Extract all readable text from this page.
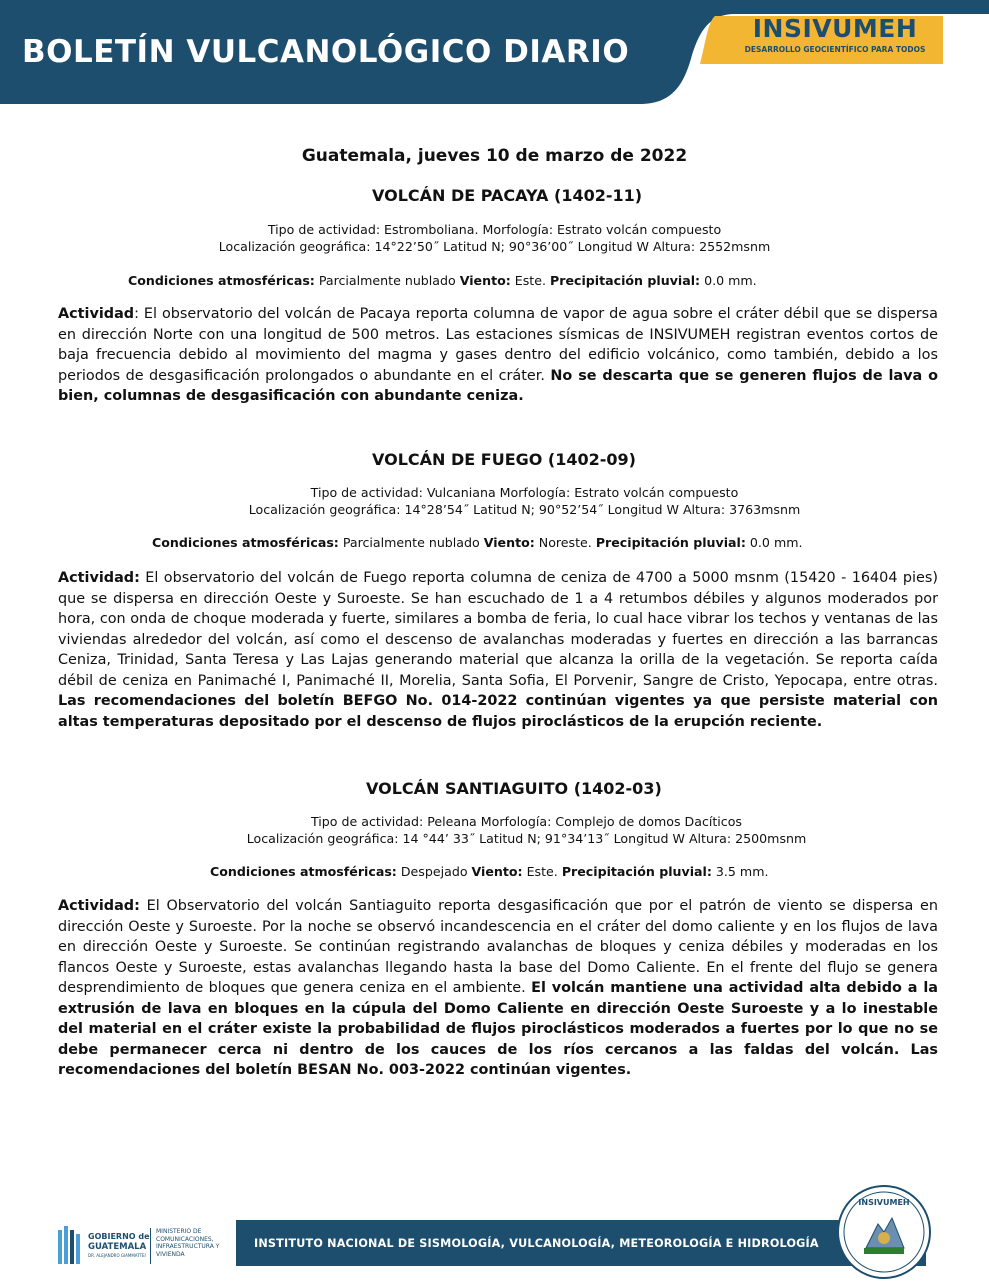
BOLETÍN VULCANOLÓGICO DIARIO
INSIVUMEH
DESARROLLO GEOCIENTÍFICO PARA TODOS
Guatemala, jueves 10 de marzo de 2022
VOLCÁN DE PACAYA (1402-11)
Tipo de actividad: Estromboliana. Morfología: Estrato volcán compuesto
Localización geográfica: 14°22’50˝ Latitud N; 90°36’00˝ Longitud W Altura: 2552msnm
Condiciones atmosféricas: Parcialmente nublado Viento: Este. Precipitación pluvial: 0.0 mm.
Actividad: El observatorio del volcán de Pacaya reporta columna de vapor de agua sobre el cráter débil que se dispersa en dirección Norte con una longitud de 500 metros. Las estaciones sísmicas de INSIVUMEH registran eventos cortos de baja frecuencia debido al movimiento del magma y gases dentro del edificio volcánico, como también, debido a los periodos de desgasificación prolongados o abundante en el cráter. No se descarta que se generen flujos de lava o bien, columnas de desgasificación con abundante ceniza.
VOLCÁN DE FUEGO (1402-09)
Tipo de actividad: Vulcaniana Morfología: Estrato volcán compuesto
Localización geográfica: 14°28’54˝ Latitud N; 90°52’54˝ Longitud W Altura: 3763msnm
Condiciones atmosféricas: Parcialmente nublado Viento: Noreste. Precipitación pluvial: 0.0 mm.
Actividad: El observatorio del volcán de Fuego reporta columna de ceniza de 4700 a 5000 msnm (15420 - 16404 pies) que se dispersa en dirección Oeste y Suroeste. Se han escuchado de 1 a 4 retumbos débiles y algunos moderados por hora, con onda de choque moderada y fuerte, similares a bomba de feria, lo cual hace vibrar los techos y ventanas de las viviendas alrededor del volcán, así como el descenso de avalanchas moderadas y fuertes en dirección a las barrancas Ceniza, Trinidad, Santa Teresa y Las Lajas generando material que alcanza la orilla de la vegetación. Se reporta caída débil de ceniza en Panimaché I, Panimaché II, Morelia, Santa Sofia, El Porvenir, Sangre de Cristo, Yepocapa, entre otras. Las recomendaciones del boletín BEFGO No. 014-2022 continúan vigentes ya que persiste material con altas temperaturas depositado por el descenso de flujos piroclásticos de la erupción reciente.
VOLCÁN SANTIAGUITO (1402-03)
Tipo de actividad: Peleana Morfología: Complejo de domos Dacíticos
Localización geográfica: 14 °44’ 33˝ Latitud N; 91°34’13˝ Longitud W Altura: 2500msnm
Condiciones atmosféricas: Despejado Viento: Este. Precipitación pluvial: 3.5 mm.
Actividad: El Observatorio del volcán Santiaguito reporta desgasificación que por el patrón de viento se dispersa en dirección Oeste y Suroeste. Por la noche se observó incandescencia en el cráter del domo caliente y en los flujos de lava en dirección Oeste y Suroeste. Se continúan registrando avalanchas de bloques y ceniza débiles y moderadas en los flancos Oeste y Suroeste, estas avalanchas llegando hasta la base del Domo Caliente. En el frente del flujo se genera desprendimiento de bloques que genera ceniza en el ambiente. El volcán mantiene una actividad alta debido a la extrusión de lava en bloques en la cúpula del Domo Caliente en dirección Oeste Suroeste y a lo inestable del material en el cráter existe la probabilidad de flujos piroclásticos moderados a fuertes por lo que no se debe permanecer cerca ni dentro de los cauces de los ríos cercanos a las faldas del volcán. Las recomendaciones del boletín BESAN No. 003-2022 continúan vigentes.
GOBIERNO de
GUATEMALA
DR. ALEJANDRO GIAMMATTEI
MINISTERIO DE COMUNICACIONES, INFRAESTRUCTURA Y VIVIENDA
INSTITUTO NACIONAL DE SISMOLOGÍA, VULCANOLOGÍA, METEOROLOGÍA E HIDROLOGÍA
INSIVUMEH
